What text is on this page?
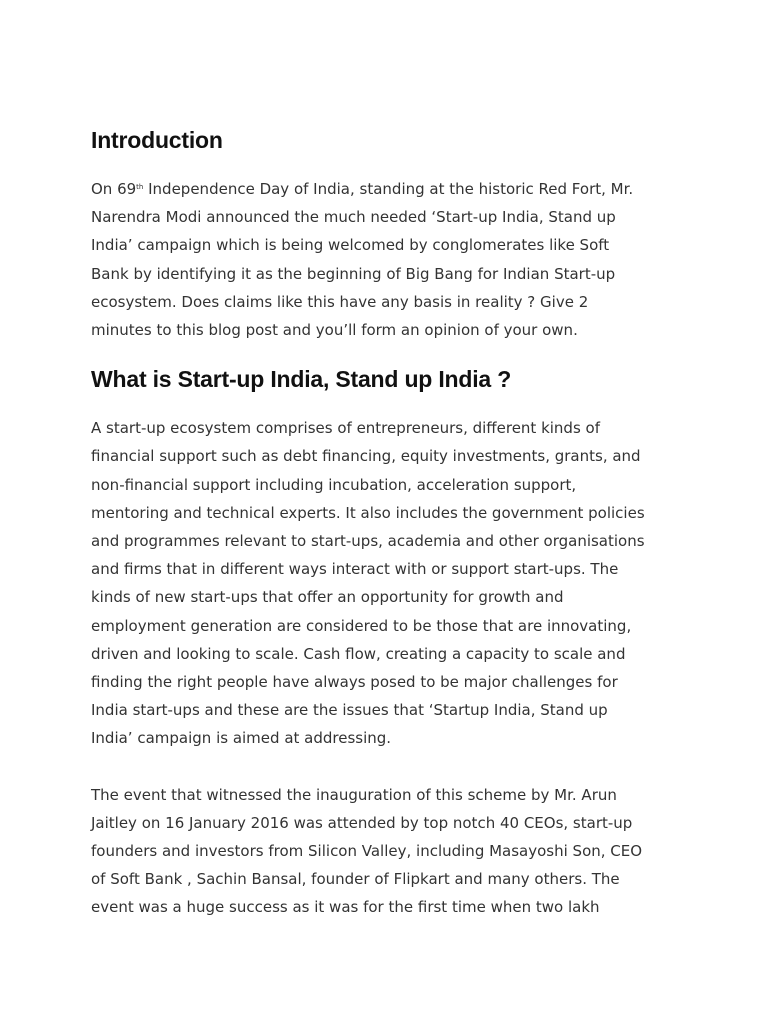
Introduction
On 69th Independence Day of India, standing at the historic Red Fort, Mr.
Narendra Modi announced the much needed ‘Start-up India, Stand up
India’ campaign which is being welcomed by conglomerates like Soft
Bank by identifying it as the beginning of Big Bang for Indian Start-up
ecosystem. Does claims like this have any basis in reality ? Give 2
minutes to this blog post and you’ll form an opinion of your own.
What is Start-up India, Stand up India ?
A start-up ecosystem comprises of entrepreneurs, different kinds of
financial support such as debt financing, equity investments, grants, and
non-financial support including incubation, acceleration support,
mentoring and technical experts. It also includes the government policies
and programmes relevant to start-ups, academia and other organisations
and firms that in different ways interact with or support start-ups. The
kinds of new start-ups that offer an opportunity for growth and
employment generation are considered to be those that are innovating,
driven and looking to scale. Cash flow, creating a capacity to scale and
finding the right people have always posed to be major challenges for
India start-ups and these are the issues that ‘Startup India, Stand up
India’ campaign is aimed at addressing.
The event that witnessed the inauguration of this scheme by Mr. Arun
Jaitley on 16 January 2016 was attended by top notch 40 CEOs, start-up
founders and investors from Silicon Valley, including Masayoshi Son, CEO
of Soft Bank , Sachin Bansal, founder of Flipkart and many others. The
event was a huge success as it was for the first time when two lakh
